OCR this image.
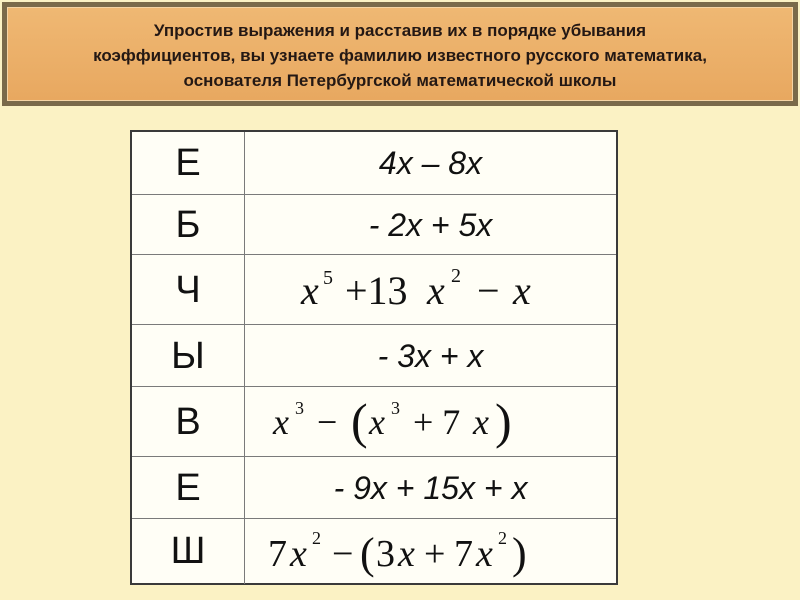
Упростив выражения и расставив их в порядке убывания
коэффициентов, вы узнаете фамилию известного русского математика,
основателя Петербургской математической школы
Е	4x – 8x
Б	- 2x + 5x
Ч	x 5 +13 x 2 − x
Ы	- 3x + x
В	x 3 − ( x 3 + 7 x )
Е	- 9x + 15x + x
Ш	7 x 2 − ( 3 x + 7 x 2 )
